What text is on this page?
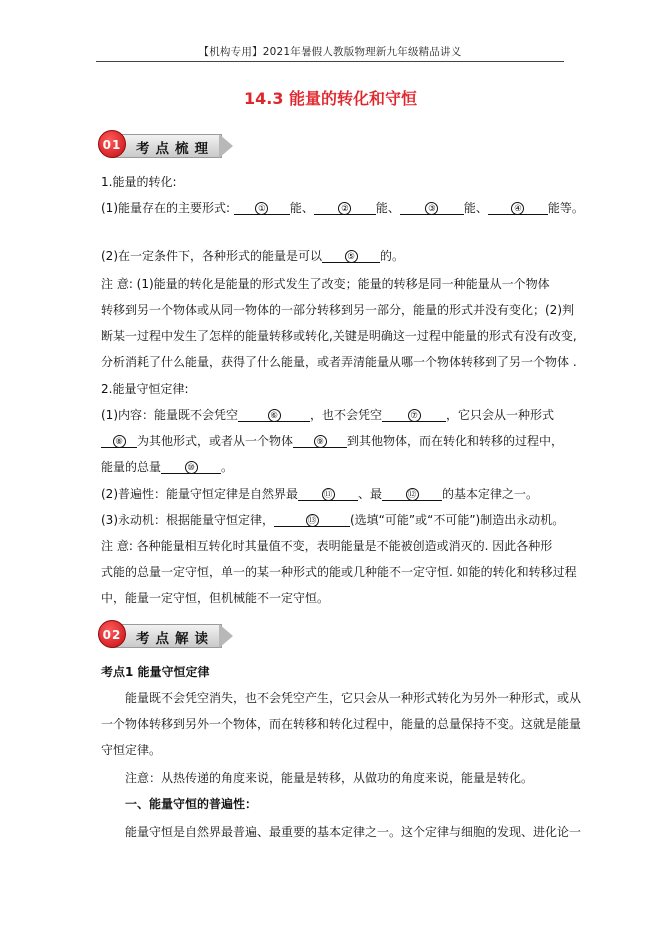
【机构专用】2021年暑假人教版物理新九年级精品讲义
14.3 能量的转化和守恒
01	考点梳理
1.能量的转化:
(1)能量存在的主要形式:	① 能、	② 能、	③ 能、	④ 能等。
(2)在一定条件下，各种形式的能量是可以	⑤ 的。
注 意: (1)能量的转化是能量的形式发生了改变；能量的转移是同一种能量从一个物体
转移到另一个物体或从同一物体的一部分转移到另一部分，能量的形式并没有变化；(2)判
断某一过程中发生了怎样的能量转移或转化,关键是明确这一过程中能量的形式有没有改变,
分析消耗了什么能量，获得了什么能量，或者弄清能量从哪一个物体转移到了另一个物体 .
2.能量守恒定律:
(1)内容：能量既不会凭空	⑥	，也不会凭空	⑦ ，它只会从一种形式
⑧ 为其他形式，或者从一个物体	⑨ 到其他物体，而在转化和转移的过程中，
能量的总量	⑩ 。
(2)普遍性：能量守恒定律是自然界最	⑪ 、最	⑫ 的基本定律之一。
(3)永动机：根据能量守恒定律，	⑬	(选填“可能”或“不可能”)制造出永动机。
注 意: 各种能量相互转化时其量值不变，表明能量是不能被创造或消灭的. 因此各种形
式能的总量一定守恒，单一的某一种形式的能或几种能不一定守恒. 如能的转化和转移过程
中，能量一定守恒，但机械能不一定守恒。
02	考点解读
考点1 能量守恒定律
能量既不会凭空消失，也不会凭空产生，它只会从一种形式转化为另外一种形式，或从
一个物体转移到另外一个物体，而在转移和转化过程中，能量的总量保持不变。这就是能量
守恒定律。
注意：从热传递的角度来说，能量是转移，从做功的角度来说，能量是转化。
一、能量守恒的普遍性：
能量守恒是自然界最普遍、最重要的基本定律之一。这个定律与细胞的发现、进化论一
